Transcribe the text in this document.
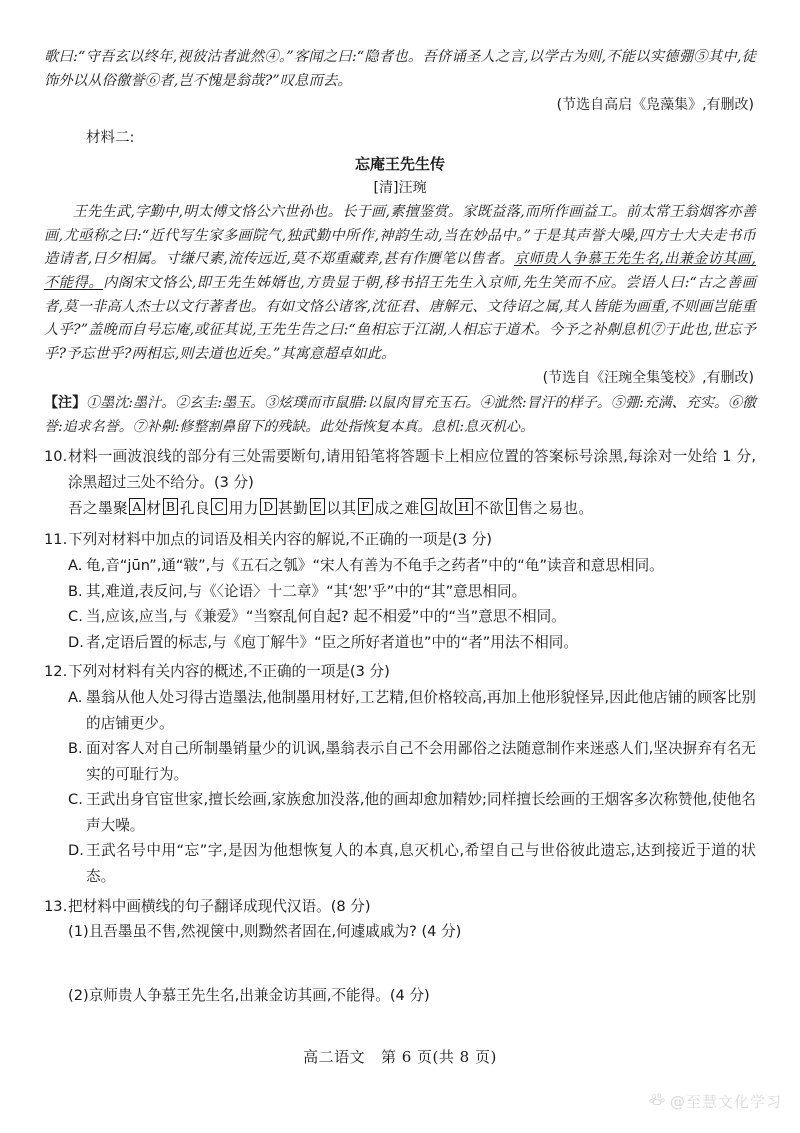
歌曰:“守吾玄以终年,视彼沽者泚然④。”客闻之曰:“隐者也。吾侪诵圣人之言,以学古为则,不能以实德弸⑤其中,徒饰外以从俗徼誉⑥者,岂不愧是翁哉?”叹息而去。
(节选自高启《凫藻集》,有删改)
材料二:
忘庵王先生传
[清]汪琬
王先生武,字勤中,明太傅文恪公六世孙也。长于画,素擅鉴赏。家既益落,而所作画益工。前太常王翁烟客亦善画,尤亟称之曰:“近代写生家多画院气,独武勤中所作,神韵生动,当在妙品中。”于是其声誉大噪,四方士大夫走书币造请者,日夕相属。寸缣尺素,流传远近,莫不郑重藏弆,甚有作赝笔以售者。京师贵人争慕王先生名,出兼金访其画,不能得。内阁宋文恪公,即王先生姊婿也,方贵显于朝,移书招王先生入京师,先生笑而不应。尝语人曰:“古之善画者,莫一非高人杰士以文行著者也。有如文恪公诸客,沈征君、唐解元、文待诏之属,其人皆能为画重,不则画岂能重人乎?”盖晚而自号忘庵,或征其说,王先生告之曰:“鱼相忘于江湖,人相忘于道术。今予之补劓息机⑦于此也,世忘予乎?予忘世乎?两相忘,则去道也近矣。”其寓意超卓如此。
(节选自《汪琬全集笺校》,有删改)
【注】①墨沈:墨汁。②玄圭:墨玉。③炫璞而市鼠腊:以鼠肉冒充玉石。④泚然:冒汗的样子。⑤弸:充满、充实。⑥徼誉:追求名誉。⑦补劓:修整割鼻留下的残缺。此处指恢复本真。息机:息灭机心。
10. 材料一画波浪线的部分有三处需要断句,请用铅笔将答题卡上相应位置的答案标号涂黑,每涂对一处给 1 分,涂黑超过三处不给分。(3 分)
吾之墨聚 A 材 B 孔良 C 用力 D 甚勤 E 以其 F 成之难 G 故 H 不欲 I 售之易也。
11. 下列对材料中加点的词语及相关内容的解说,不正确的一项是(3 分)
A. 龟,音“jūn”,通“皲”,与《五石之瓠》“宋人有善为不龟手之药者”中的“龟”读音和意思相同。
B. 其,难道,表反问,与《〈论语〉十二章》“其‘恕’乎”中的“其”意思相同。
C. 当,应该,应当,与《兼爱》“当察乱何自起? 起不相爱”中的“当”意思不相同。
D. 者,定语后置的标志,与《庖丁解牛》“臣之所好者道也”中的“者”用法不相同。
12. 下列对材料有关内容的概述,不正确的一项是(3 分)
A. 墨翁从他人处习得古造墨法,他制墨用材好,工艺精,但价格较高,再加上他形貌怪异,因此他店铺的顾客比别的店铺更少。
B. 面对客人对自己所制墨销量少的讥讽,墨翁表示自己不会用鄙俗之法随意制作来迷惑人们,坚决摒弃有名无实的可耻行为。
C. 王武出身官宦世家,擅长绘画,家族愈加没落,他的画却愈加精妙;同样擅长绘画的王烟客多次称赞他,使他名声大噪。
D. 王武名号中用“忘”字,是因为他想恢复人的本真,息灭机心,希望自己与世俗彼此遗忘,达到接近于道的状态。
13. 把材料中画横线的句子翻译成现代汉语。(8 分)
(1)且吾墨虽不售,然视箧中,则黝然者固在,何遽戚戚为? (4 分)
(2)京师贵人争慕王先生名,出兼金访其画,不能得。(4 分)
高二语文 第 6 页(共 8 页)
@至慧文化学习
